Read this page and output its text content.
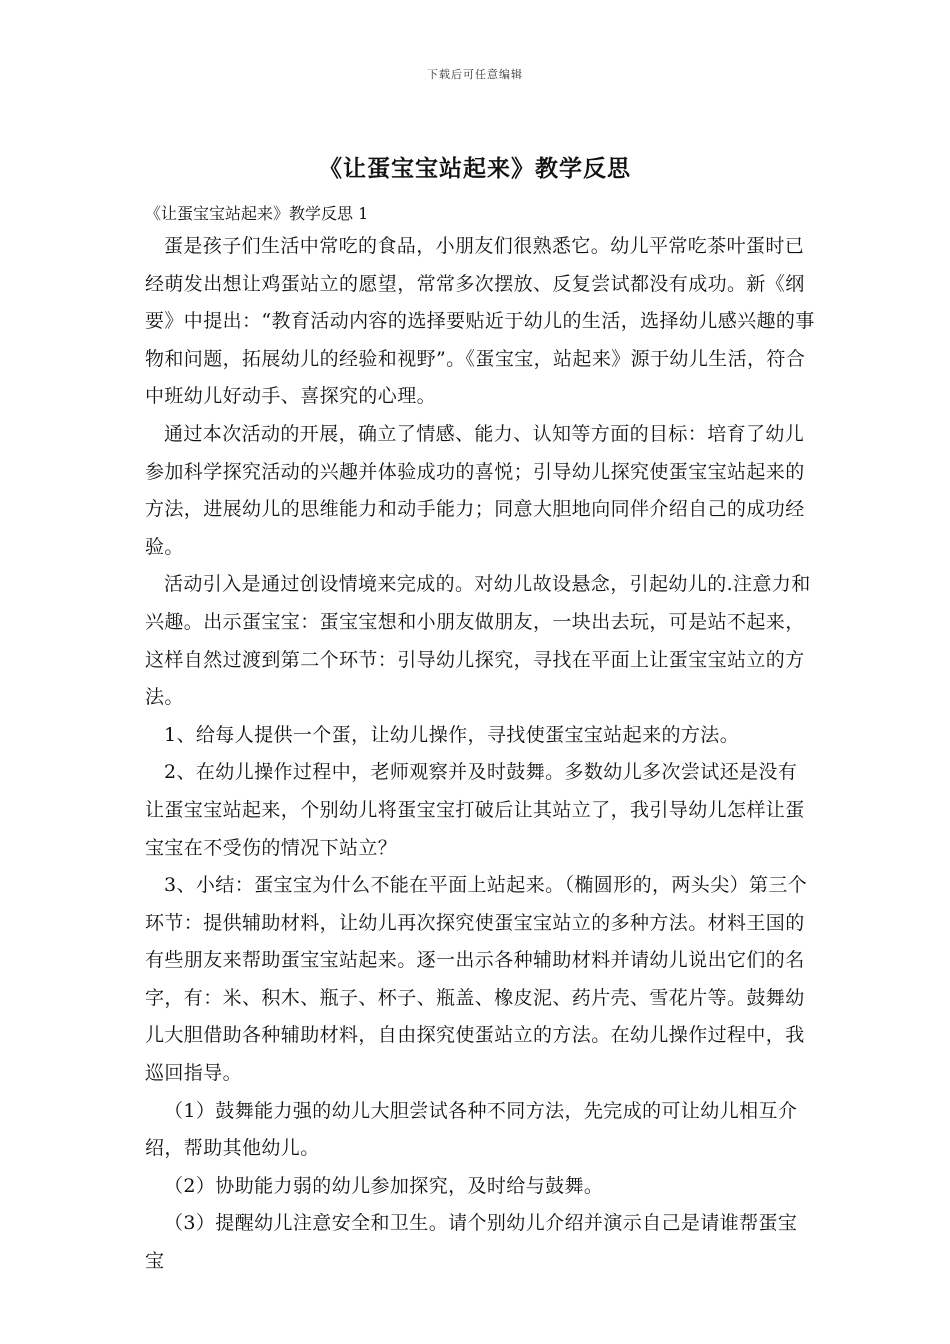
下载后可任意编辑
《让蛋宝宝站起来》教学反思
《让蛋宝宝站起来》教学反思 1

蛋是孩子们生活中常吃的食品，小朋友们很熟悉它。幼儿平常吃茶叶蛋时已经萌发出想让鸡蛋站立的愿望，常常多次摆放、反复尝试都没有成功。新《纲要》中提出：“教育活动内容的选择要贴近于幼儿的生活，选择幼儿感兴趣的事物和问题，拓展幼儿的经验和视野”。《蛋宝宝，站起来》源于幼儿生活，符合中班幼儿好动手、喜探究的心理。

通过本次活动的开展，确立了情感、能力、认知等方面的目标：培育了幼儿参加科学探究活动的兴趣并体验成功的喜悦；引导幼儿探究使蛋宝宝站起来的方法，进展幼儿的思维能力和动手能力；同意大胆地向同伴介绍自己的成功经验。

活动引入是通过创设情境来完成的。对幼儿故设悬念，引起幼儿的.注意力和兴趣。出示蛋宝宝：蛋宝宝想和小朋友做朋友，一块出去玩，可是站不起来，这样自然过渡到第二个环节：引导幼儿探究，寻找在平面上让蛋宝宝站立的方法。

1、给每人提供一个蛋，让幼儿操作，寻找使蛋宝宝站起来的方法。

2、在幼儿操作过程中，老师观察并及时鼓舞。多数幼儿多次尝试还是没有让蛋宝宝站起来，个别幼儿将蛋宝宝打破后让其站立了，我引导幼儿怎样让蛋宝宝在不受伤的情况下站立？

3、小结：蛋宝宝为什么不能在平面上站起来。（椭圆形的，两头尖）第三个环节：提供辅助材料，让幼儿再次探究使蛋宝宝站立的多种方法。材料王国的有些朋友来帮助蛋宝宝站起来。逐一出示各种辅助材料并请幼儿说出它们的名字，有：米、积木、瓶子、杯子、瓶盖、橡皮泥、药片壳、雪花片等。鼓舞幼儿大胆借助各种辅助材料，自由探究使蛋站立的方法。在幼儿操作过程中，我巡回指导。

（1）鼓舞能力强的幼儿大胆尝试各种不同方法，先完成的可让幼儿相互介绍，帮助其他幼儿。

（2）协助能力弱的幼儿参加探究，及时给与鼓舞。

（3）提醒幼儿注意安全和卫生。请个别幼儿介绍并演示自己是请谁帮蛋宝宝
